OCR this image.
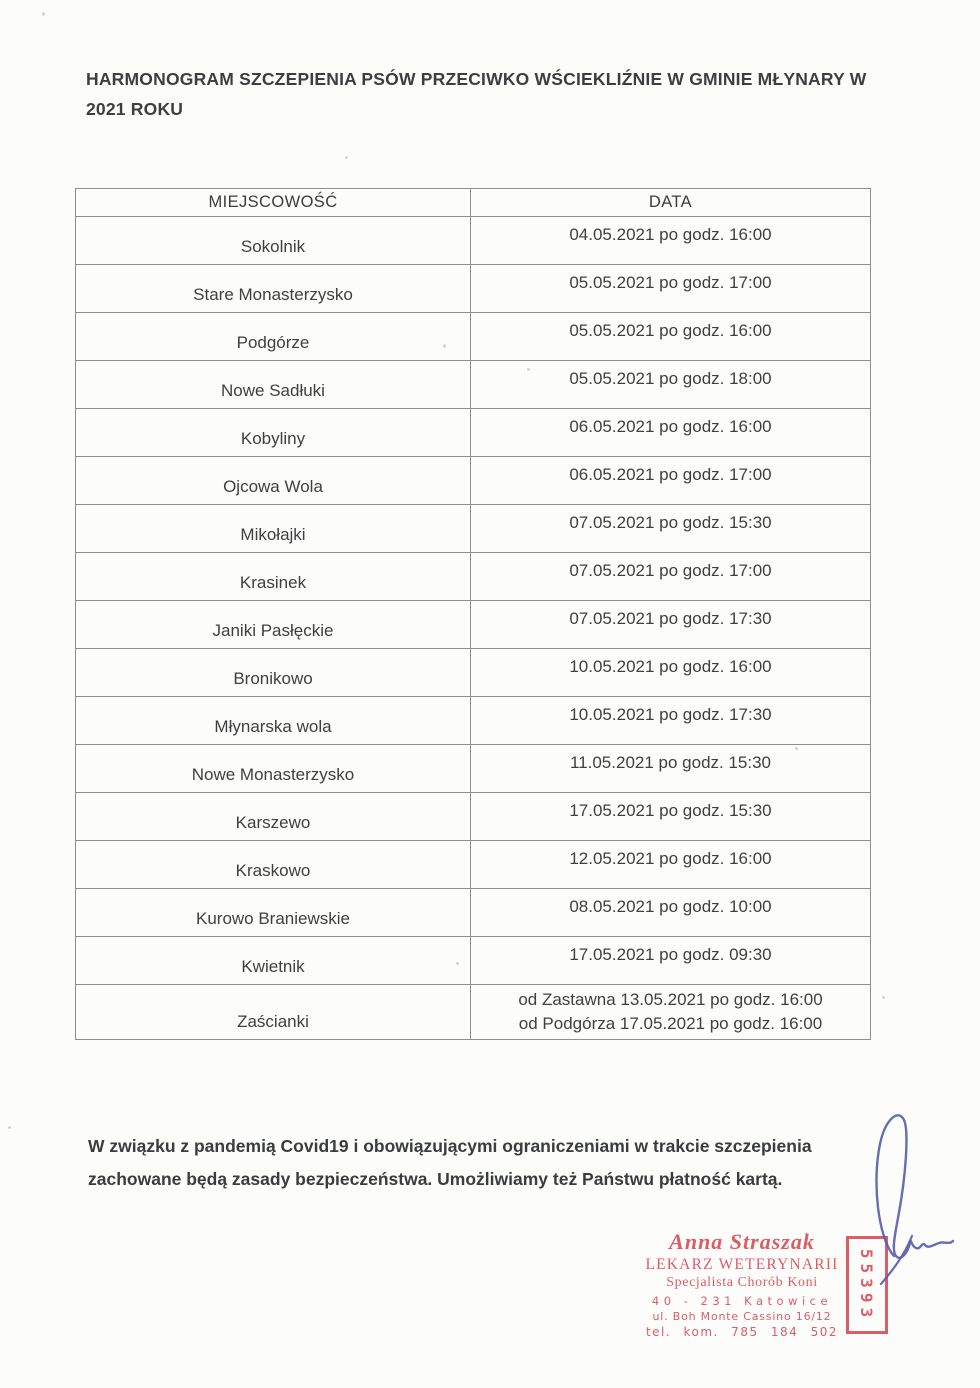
HARMONOGRAM SZCZEPIENIA PSÓW PRZECIWKO WŚCIEKLIŹNIE W GMINIE MŁYNARY W
2021 ROKU
MIEJSCOWOŚĆ	DATA
Sokolnik
04.05.2021 po godz. 16:00
Stare Monasterzysko
05.05.2021 po godz. 17:00
Podgórze
05.05.2021 po godz. 16:00
Nowe Sadłuki
05.05.2021 po godz. 18:00
Kobyliny
06.05.2021 po godz. 16:00
Ojcowa Wola
06.05.2021 po godz. 17:00
Mikołajki
07.05.2021 po godz. 15:30
Krasinek
07.05.2021 po godz. 17:00
Janiki Pasłęckie
07.05.2021 po godz. 17:30
Bronikowo
10.05.2021 po godz. 16:00
Młynarska wola
10.05.2021 po godz. 17:30
Nowe Monasterzysko
11.05.2021 po godz. 15:30
Karszewo
17.05.2021 po godz. 15:30
Kraskowo
12.05.2021 po godz. 16:00
Kurowo Braniewskie
08.05.2021 po godz. 10:00
Kwietnik
17.05.2021 po godz. 09:30
Zaścianki
od Zastawna 13.05.2021 po godz. 16:00
od Podgórza 17.05.2021 po godz. 16:00
W związku z pandemią Covid19 i obowiązującymi ograniczeniami w trakcie szczepienia
zachowane będą zasady bezpieczeństwa. Umożliwiamy też Państwu płatność kartą.
Anna Straszak
LEKARZ WETERYNARII
Specjalista Chorób Koni
40 - 231 Katowice
ul. Boh Monte Cassino 16/12
tel. kom. 785 184 502
55393
